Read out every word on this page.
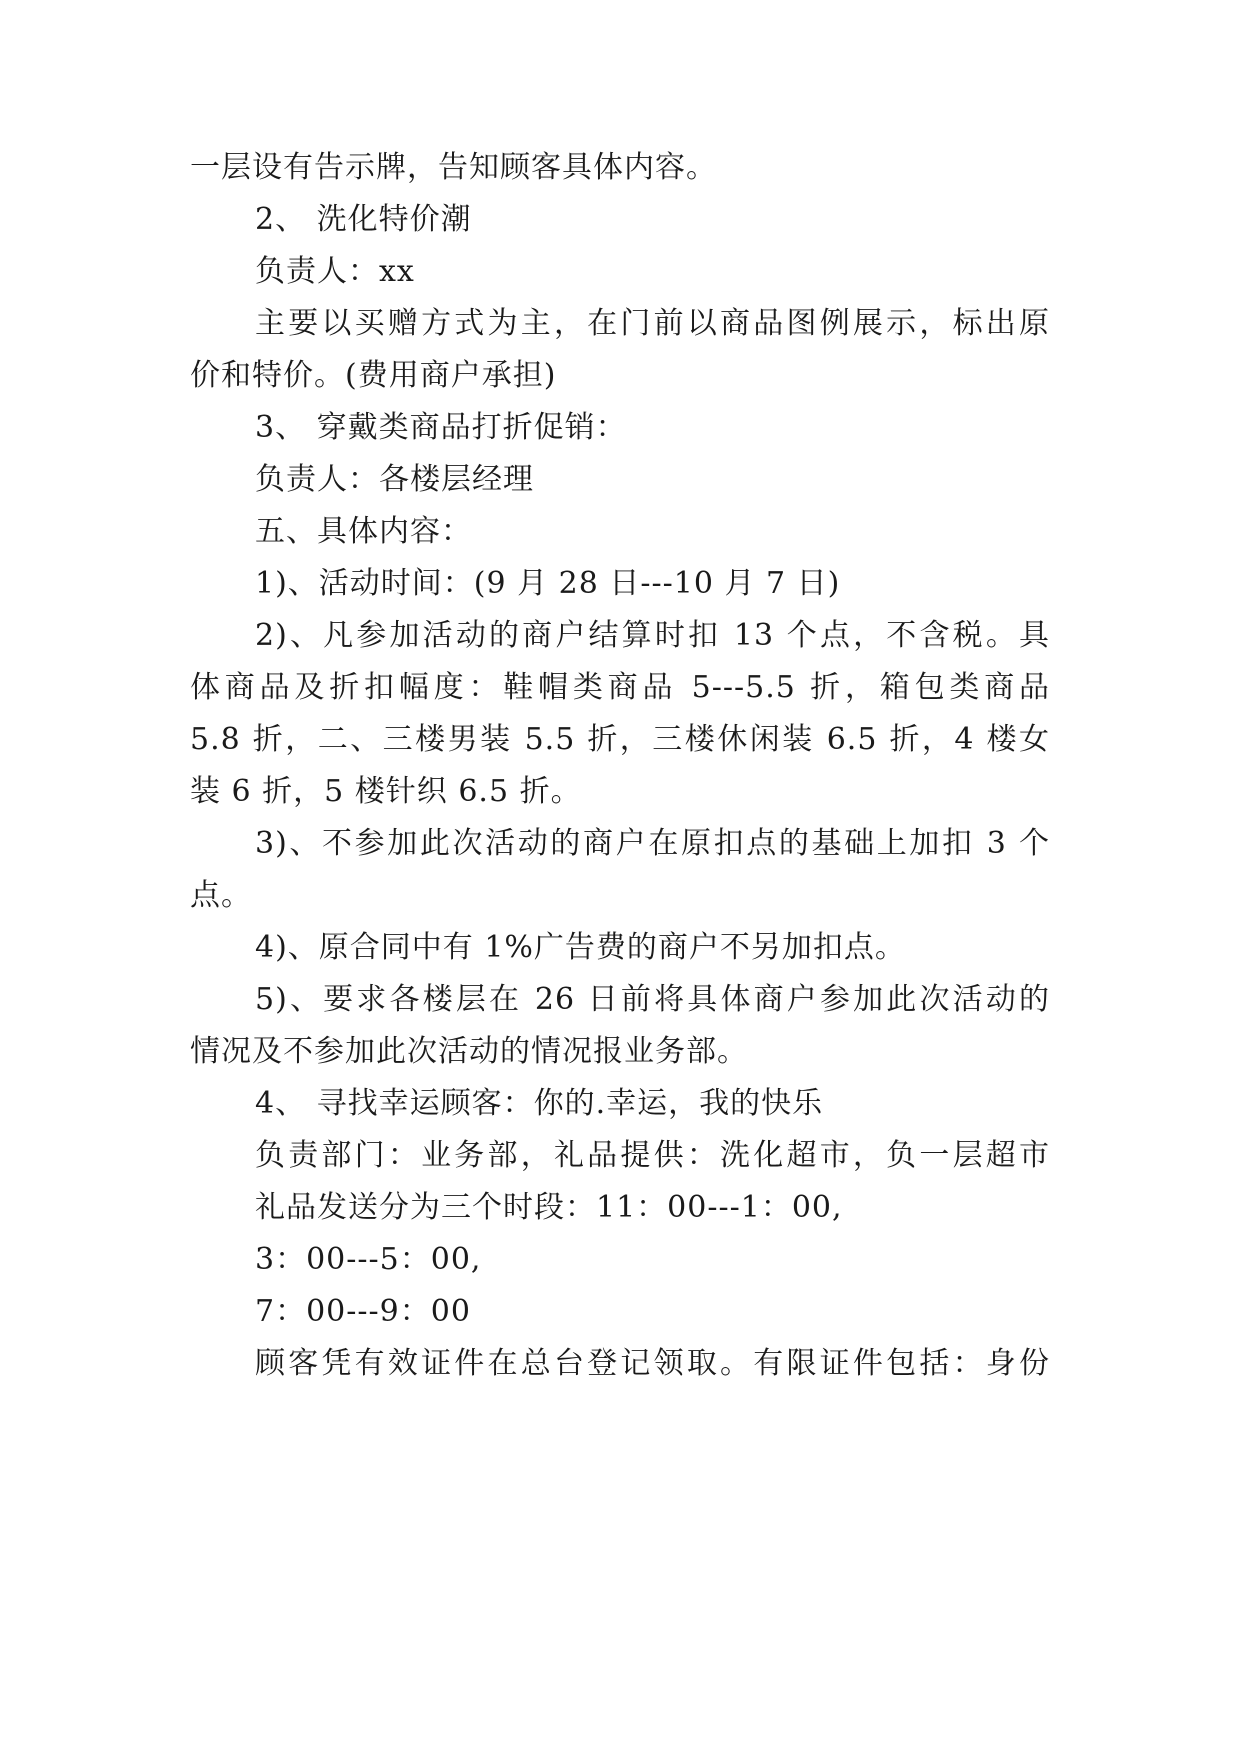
一层设有告示牌，告知顾客具体内容。
2、 洗化特价潮
负责人：xx
主要以买赠方式为主，在门前以商品图例展示，标出原
价和特价。(费用商户承担)
3、 穿戴类商品打折促销：
负责人：各楼层经理
五、具体内容：
1)、活动时间：(9 月 28 日---10 月 7 日)
2)、凡参加活动的商户结算时扣 13 个点，不含税。具
体商品及折扣幅度：鞋帽类商品 5---5.5 折，箱包类商品
5.8 折，二、三楼男装 5.5 折，三楼休闲装 6.5 折，4 楼女
装 6 折，5 楼针织 6.5 折。
3)、不参加此次活动的商户在原扣点的基础上加扣 3 个
点。
4)、原合同中有 1%广告费的商户不另加扣点。
5)、要求各楼层在 26 日前将具体商户参加此次活动的
情况及不参加此次活动的情况报业务部。
4、 寻找幸运顾客：你的.幸运，我的快乐
负责部门：业务部，礼品提供：洗化超市，负一层超市
礼品发送分为三个时段：11：00---1：00,
3：00---5：00,
7：00---9：00
顾客凭有效证件在总台登记领取。有限证件包括：身份
